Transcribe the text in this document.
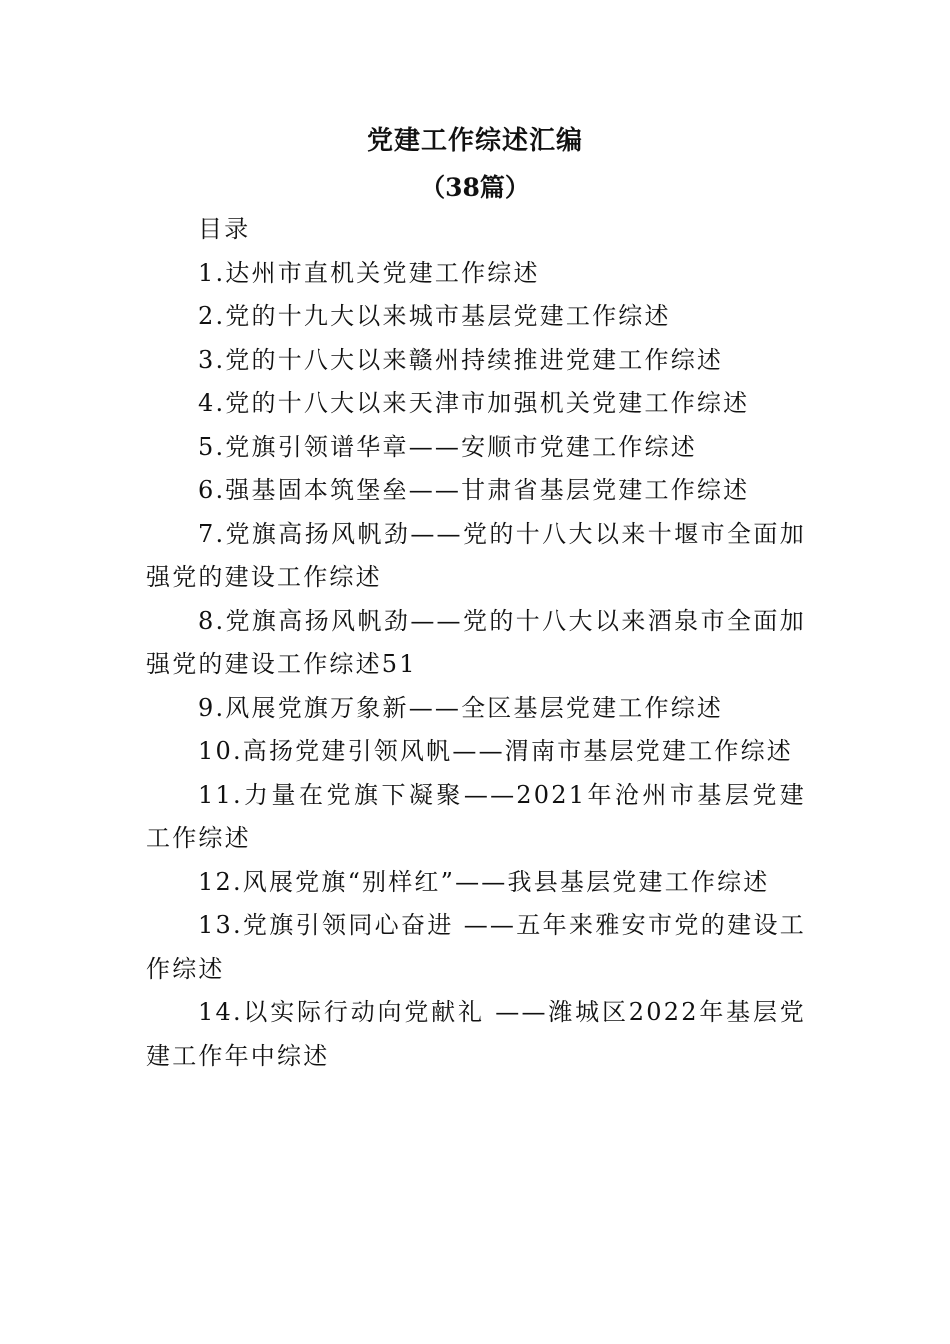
党建工作综述汇编
（38篇）

目录

1.达州市直机关党建工作综述

2.党的十九大以来城市基层党建工作综述

3.党的十八大以来赣州持续推进党建工作综述

4.党的十八大以来天津市加强机关党建工作综述

5.党旗引领谱华章——安顺市党建工作综述

6.强基固本筑堡垒——甘肃省基层党建工作综述

7.党旗高扬风帆劲——党的十八大以来十堰市全面加强党的建设工作综述

8.党旗高扬风帆劲——党的十八大以来酒泉市全面加强党的建设工作综述51

9.风展党旗万象新——全区基层党建工作综述

10.高扬党建引领风帆——渭南市基层党建工作综述

11.力量在党旗下凝聚——2021年沧州市基层党建工作综述

12.风展党旗“别样红”——我县基层党建工作综述

13.党旗引领同心奋进 ——五年来雅安市党的建设工作综述

14.以实际行动向党献礼 ——潍城区2022年基层党建工作年中综述
